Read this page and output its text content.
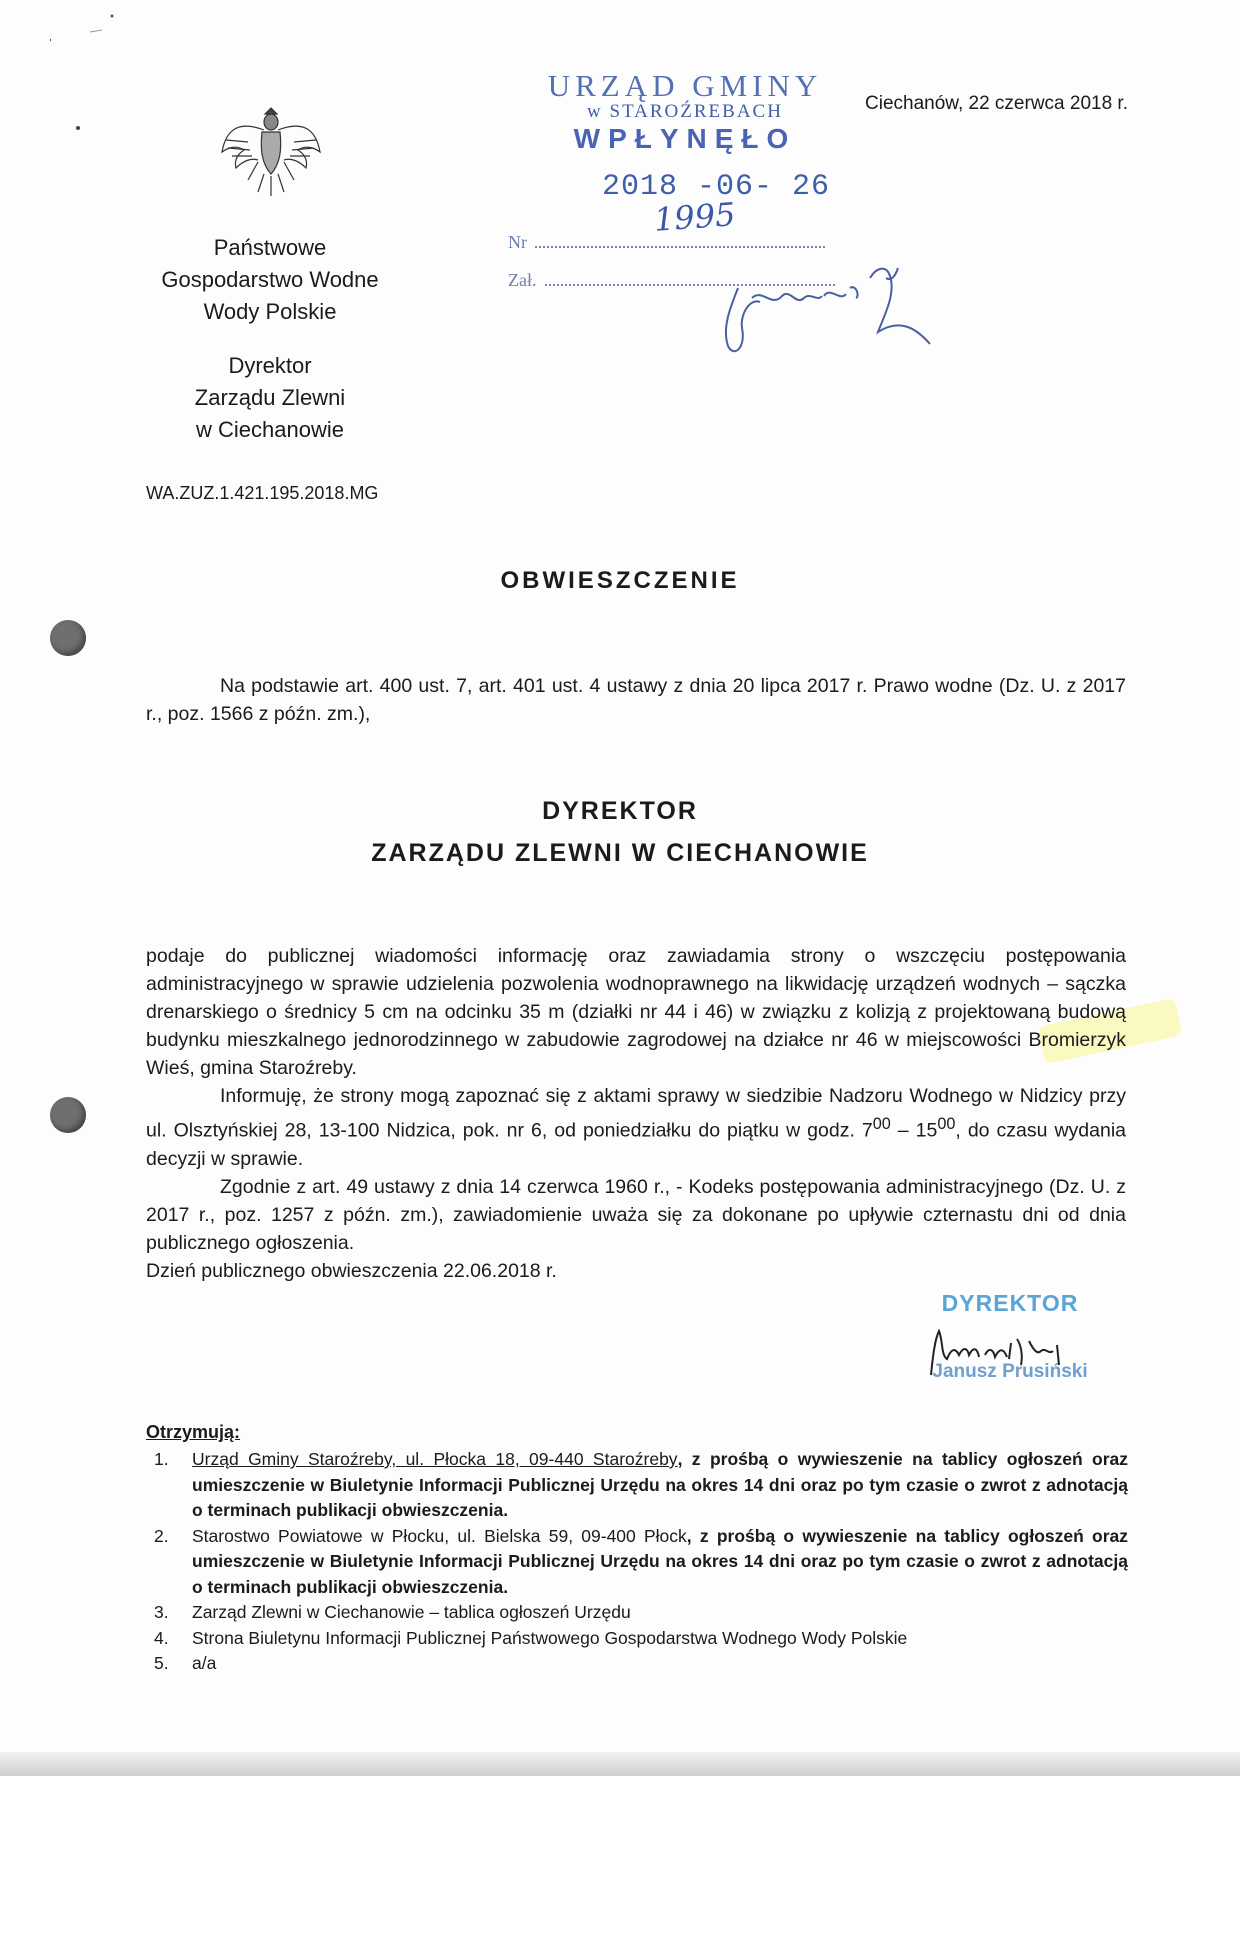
Państwowe
Gospodarstwo Wodne
Wody Polskie
Dyrektor
Zarządu Zlewni
w Ciechanowie
Ciechanów, 22 czerwca 2018 r.
URZĄD GMINY
w STAROŹREBACH
WPŁYNĘŁO
2018 -06- 26
Nr
Zał.
1995
WA.ZUZ.1.421.195.2018.MG
OBWIESZCZENIE

Na podstawie art. 400 ust. 7, art. 401 ust. 4 ustawy z dnia 20 lipca 2017 r. Prawo wodne (Dz. U. z 2017 r., poz. 1566 z późn. zm.),

DYREKTOR
ZARZĄDU ZLEWNI W CIECHANOWIE

podaje do publicznej wiadomości informację oraz zawiadamia strony o wszczęciu postępowania administracyjnego w sprawie udzielenia pozwolenia wodnoprawnego na likwidację urządzeń wodnych – sączka drenarskiego o średnicy 5 cm na odcinku 35 m (działki nr 44 i 46) w związku z kolizją z projektowaną budową budynku mieszkalnego jednorodzinnego w zabudowie zagrodowej na działce nr 46 w miejscowości Bromierzyk Wieś, gmina Staroźreby.

Informuję, że strony mogą zapoznać się z aktami sprawy w siedzibie Nadzoru Wodnego w Nidzicy przy ul. Olsztyńskiej 28, 13-100 Nidzica, pok. nr 6, od poniedziałku do piątku w godz. $7^{00} - 15^{00}$, do czasu wydania decyzji w sprawie.

Zgodnie z art. 49 ustawy z dnia 14 czerwca 1960 r., - Kodeks postępowania administracyjnego (Dz. U. z 2017 r., poz. 1257 z późn. zm.), zawiadomienie uważa się za dokonane po upływie czternastu dni od dnia publicznego ogłoszenia.

Dzień publicznego obwieszczenia 22.06.2018 r.

DYREKTOR
Janusz Prusiński
Otrzymują:
1. Urząd Gminy Staroźreby, ul. Płocka 18, 09-440 Staroźreby, z prośbą o wywieszenie na tablicy ogłoszeń oraz umieszczenie w Biuletynie Informacji Publicznej Urzędu na okres 14 dni oraz po tym czasie o zwrot z adnotacją o terminach publikacji obwieszczenia.
2. Starostwo Powiatowe w Płocku, ul. Bielska 59, 09-400 Płock, z prośbą o wywieszenie na tablicy ogłoszeń oraz umieszczenie w Biuletynie Informacji Publicznej Urzędu na okres 14 dni oraz po tym czasie o zwrot z adnotacją o terminach publikacji obwieszczenia.
3. Zarząd Zlewni w Ciechanowie – tablica ogłoszeń Urzędu
4. Strona Biuletynu Informacji Publicznej Państwowego Gospodarstwa Wodnego Wody Polskie
5. a/a
